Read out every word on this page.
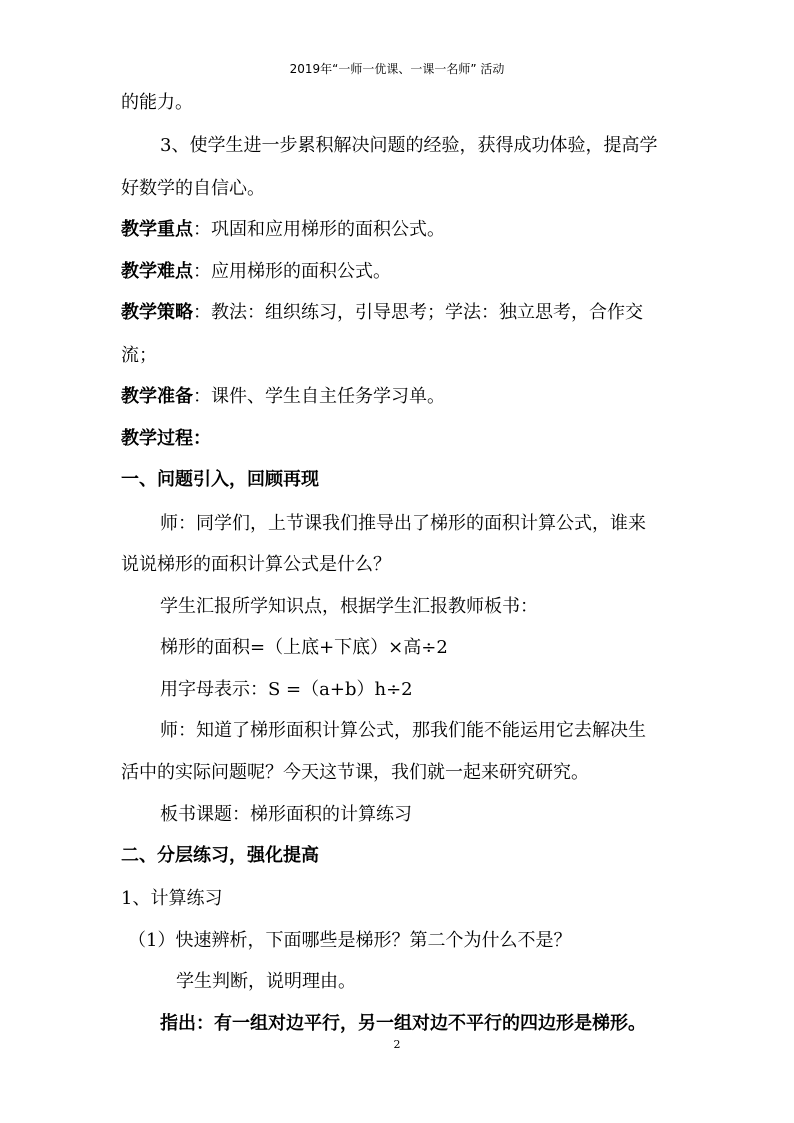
2019年“一师一优课、一课一名师” 活动
的能力。
3、使学生进一步累积解决问题的经验，获得成功体验，提高学
好数学的自信心。
教学重点：巩固和应用梯形的面积公式。
教学难点：应用梯形的面积公式。
教学策略：教法：组织练习，引导思考；学法：独立思考，合作交
流；
教学准备：课件、学生自主任务学习单。
教学过程：
一、问题引入，回顾再现
师：同学们，上节课我们推导出了梯形的面积计算公式，谁来
说说梯形的面积计算公式是什么？
学生汇报所学知识点，根据学生汇报教师板书：
梯形的面积=（上底+下底）×高÷2
用字母表示：S =（a+b）h÷2
师：知道了梯形面积计算公式，那我们能不能运用它去解决生
活中的实际问题呢？今天这节课，我们就一起来研究研究。
板书课题：梯形面积的计算练习
二、分层练习，强化提高
1、计算练习
（1）快速辨析，下面哪些是梯形？第二个为什么不是？
学生判断，说明理由。
指出：有一组对边平行，另一组对边不平行的四边形是梯形。
2
